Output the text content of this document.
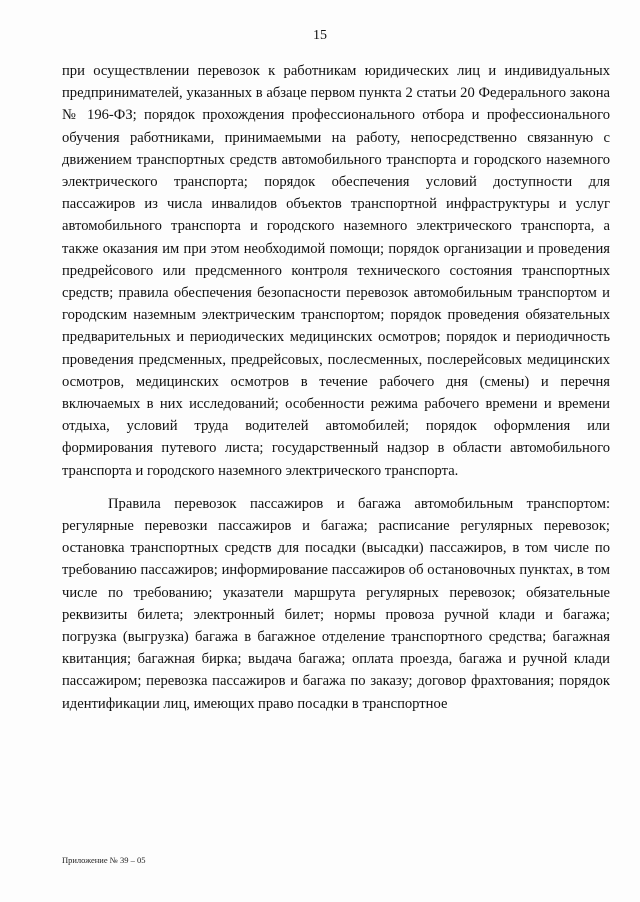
15

при осуществлении перевозок к работникам юридических лиц и индивидуальных предпринимателей, указанных в абзаце первом пункта 2 статьи 20 Федерального закона № 196-ФЗ; порядок прохождения профессионального отбора и профессионального обучения работниками, принимаемыми на работу, непосредственно связанную с движением транспортных средств автомобильного транспорта и городского наземного электрического транспорта; порядок обеспечения условий доступности для пассажиров из числа инвалидов объектов транспортной инфраструктуры и услуг автомобильного транспорта и городского наземного электрического транспорта, а также оказания им при этом необходимой помощи; порядок организации и проведения предрейсового или предсменного контроля технического состояния транспортных средств; правила обеспечения безопасности перевозок автомобильным транспортом и городским наземным электрическим транспортом; порядок проведения обязательных предварительных и периодических медицинских осмотров; порядок и периодичность проведения предсменных, предрейсовых, послесменных, послерейсовых медицинских осмотров, медицинских осмотров в течение рабочего дня (смены) и перечня включаемых в них исследований; особенности режима рабочего времени и времени отдыха, условий труда водителей автомобилей; порядок оформления или формирования путевого листа; государственный надзор в области автомобильного транспорта и городского наземного электрического транспорта.

Правила перевозок пассажиров и багажа автомобильным транспортом: регулярные перевозки пассажиров и багажа; расписание регулярных перевозок; остановка транспортных средств для посадки (высадки) пассажиров, в том числе по требованию пассажиров; информирование пассажиров об остановочных пунктах, в том числе по требованию; указатели маршрута регулярных перевозок; обязательные реквизиты билета; электронный билет; нормы провоза ручной клади и багажа; погрузка (выгрузка) багажа в багажное отделение транспортного средства; багажная квитанция; багажная бирка; выдача багажа; оплата проезда, багажа и ручной клади пассажиром; перевозка пассажиров и багажа по заказу; договор фрахтования; порядок идентификации лиц, имеющих право посадки в транспортное

Приложение № 39 – 05
